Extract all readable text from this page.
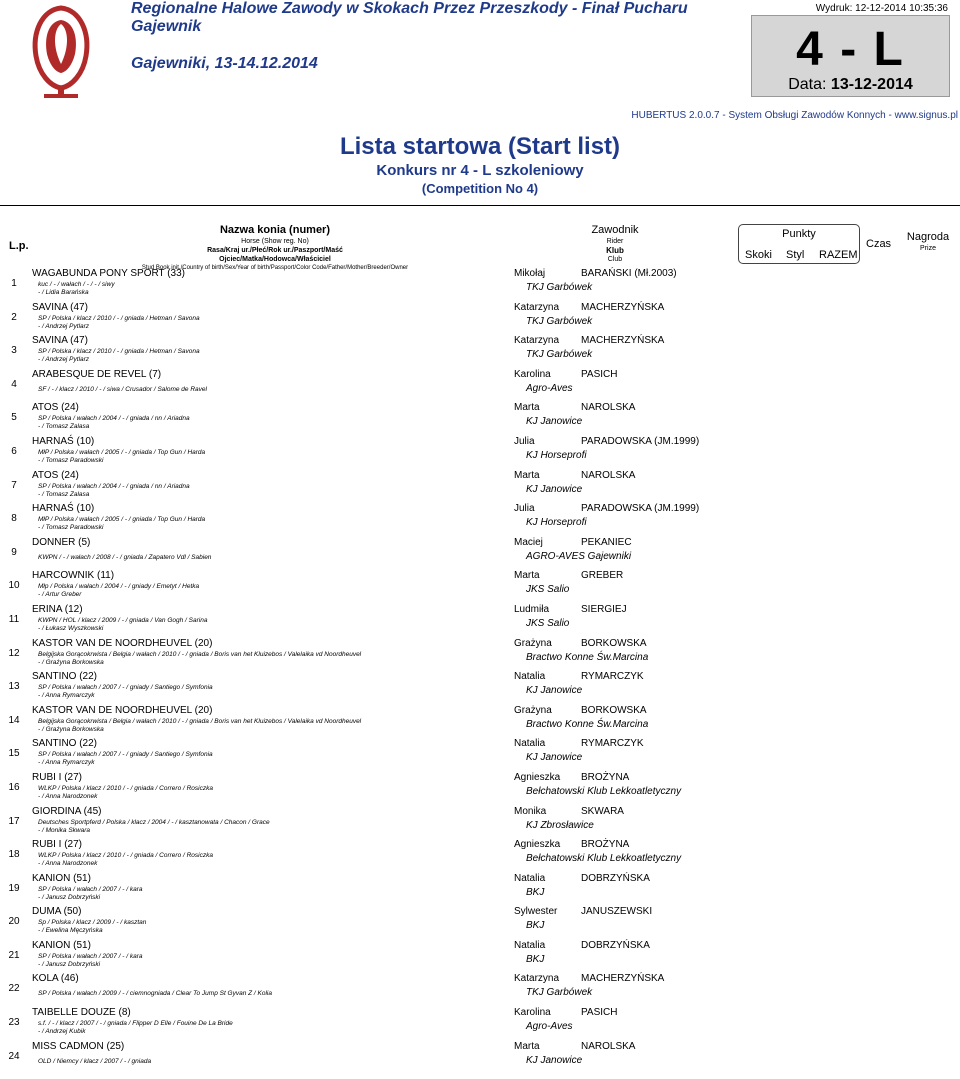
Regionalne Halowe Zawody w Skokach Przez Przeszkody - Finał Pucharu Gajewnik
Gajewniki, 13-14.12.2014
Wydruk: 12-12-2014 10:35:36
4 - L
Data: 13-12-2014
HUBERTUS 2.0.0.7 - System Obsługi Zawodów Konnych - www.signus.pl
Lista startowa (Start list)
Konkurs nr 4 - L szkoleniowy
(Competition No 4)
L.p.
Nazwa konia (numer)
Horse (Show reg. No)
Rasa/Kraj ur./Płeć/Rok ur./Paszport/Maść
Ojciec/Matka/Hodowca/Właściciel
Stud Book init./Country of birth/Sex/Year of birth/Passport/Color Code/Father/Mother/Breeder/Owner
Zawodnik
Rider
Klub
Club
Punkty
Skoki Styl RAZEM
Czas
Nagroda
Prize
1
WAGABUNDA PONY SPORT (33)
kuc / - / wałach / - / - / siwy
- / Lidia Barańska
Mikołaj	BARAŃSKI (Mł.2003)
TKJ Garbówek
2
SAVINA (47)
SP / Polska / klacz / 2010 / - / gniada / Hetman / Savona
- / Andrzej Pytlarz
Katarzyna MACHERZYŃSKA
TKJ Garbówek
3
SAVINA (47)
SP / Polska / klacz / 2010 / - / gniada / Hetman / Savona
- / Andrzej Pytlarz
Katarzyna MACHERZYŃSKA
TKJ Garbówek
4
ARABESQUE DE REVEL (7)
SF / - / klacz / 2010 / - / siwa / Crusador / Salome de Ravel
Karolina	PASICH
Agro-Aves
5
ATOS (24)
SP / Polska / wałach / 2004 / - / gniada / nn / Ariadna
- / Tomasz Zalasa
Marta	NAROLSKA
KJ Janowice
6
HARNAŚ (10)
MłP / Polska / wałach / 2005 / - / gniada / Top Gun / Harda
- / Tomasz Paradowski
Julia	PARADOWSKA (JM.1999)
KJ Horseprofi
7
ATOS (24)
SP / Polska / wałach / 2004 / - / gniada / nn / Ariadna
- / Tomasz Zalasa
Marta	NAROLSKA
KJ Janowice
8
HARNAŚ (10)
MłP / Polska / wałach / 2005 / - / gniada / Top Gun / Harda
- / Tomasz Paradowski
Julia	PARADOWSKA (JM.1999)
KJ Horseprofi
9
DONNER (5)
KWPN / - / wałach / 2008 / - / gniada / Zapatero Vdl / Sabien
Maciej	PEKANIEC
AGRO-AVES Gajewniki
10
HARCOWNIK (11)
Młp / Polska / wałach / 2004 / - / gniady / Emetyt / Hetka
- / Artur Greber
Marta	GREBER
JKS Salio
11
ERINA (12)
KWPN / HOL / klacz / 2009 / - / gniada / Van Gogh / Sarina
- / Łukasz Wyszkowski
Ludmiła	SIERGIEJ
JKS Salio
12
KASTOR VAN DE NOORDHEUVEL (20)
Belgijska Gorącokrwista / Belgia / wałach / 2010 / - / gniada / Boris van het Kluizebos / Valelaika vd Noordheuvel
- / Grażyna Borkowska
Grażyna	BORKOWSKA
Bractwo Konne Św.Marcina
13
SANTINO (22)
SP / Polska / wałach / 2007 / - / gniady / Santiego / Symfonia
- / Anna Rymarczyk
Natalia	RYMARCZYK
KJ Janowice
14
KASTOR VAN DE NOORDHEUVEL (20)
Belgijska Gorącokrwista / Belgia / wałach / 2010 / - / gniada / Boris van het Kluizebos / Valelaika vd Noordheuvel
- / Grażyna Borkowska
Grażyna	BORKOWSKA
Bractwo Konne Św.Marcina
15
SANTINO (22)
SP / Polska / wałach / 2007 / - / gniady / Santiego / Symfonia
- / Anna Rymarczyk
Natalia	RYMARCZYK
KJ Janowice
16
RUBI I (27)
WLKP / Polska / klacz / 2010 / - / gniada / Correro / Rosiczka
- / Anna Narodzonek
Agnieszka BROŻYNA
Bełchatowski Klub Lekkoatletyczny
17
GIORDINA (45)
Deutsches Sportpferd / Polska / klacz / 2004 / - / kasztanowata / Chacon / Grace
- / Monika Skwara
Monika	SKWARA
KJ Zbrosławice
18
RUBI I (27)
WLKP / Polska / klacz / 2010 / - / gniada / Correro / Rosiczka
- / Anna Narodzonek
Agnieszka BROŻYNA
Bełchatowski Klub Lekkoatletyczny
19
KANION (51)
SP / Polska / wałach / 2007 / - / kara
- / Janusz Dobrzyński
Natalia	DOBRZYŃSKA
BKJ
20
DUMA (50)
Sp / Polska / klacz / 2009 / - / kasztan
- / Ewelina Męczyńska
Sylwester JANUSZEWSKI
BKJ
21
KANION (51)
SP / Polska / wałach / 2007 / - / kara
- / Janusz Dobrzyński
Natalia	DOBRZYŃSKA
BKJ
22
KOLA (46)
SP / Polska / wałach / 2009 / - / ciemnogniada / Clear To Jump St Gyvan Z / Kolia
Katarzyna MACHERZYŃSKA
TKJ Garbówek
23
TAIBELLE DOUZE (8)
s.f. / - / klacz / 2007 / - / gniada / Flipper D Elle / Fouine De La Bride
- / Andrzej Kubik
Karolina	PASICH
Agro-Aves
24
MISS CADMON (25)
OLD / Niemcy / klacz / 2007 / - / gniada
Marta	NAROLSKA
KJ Janowice
